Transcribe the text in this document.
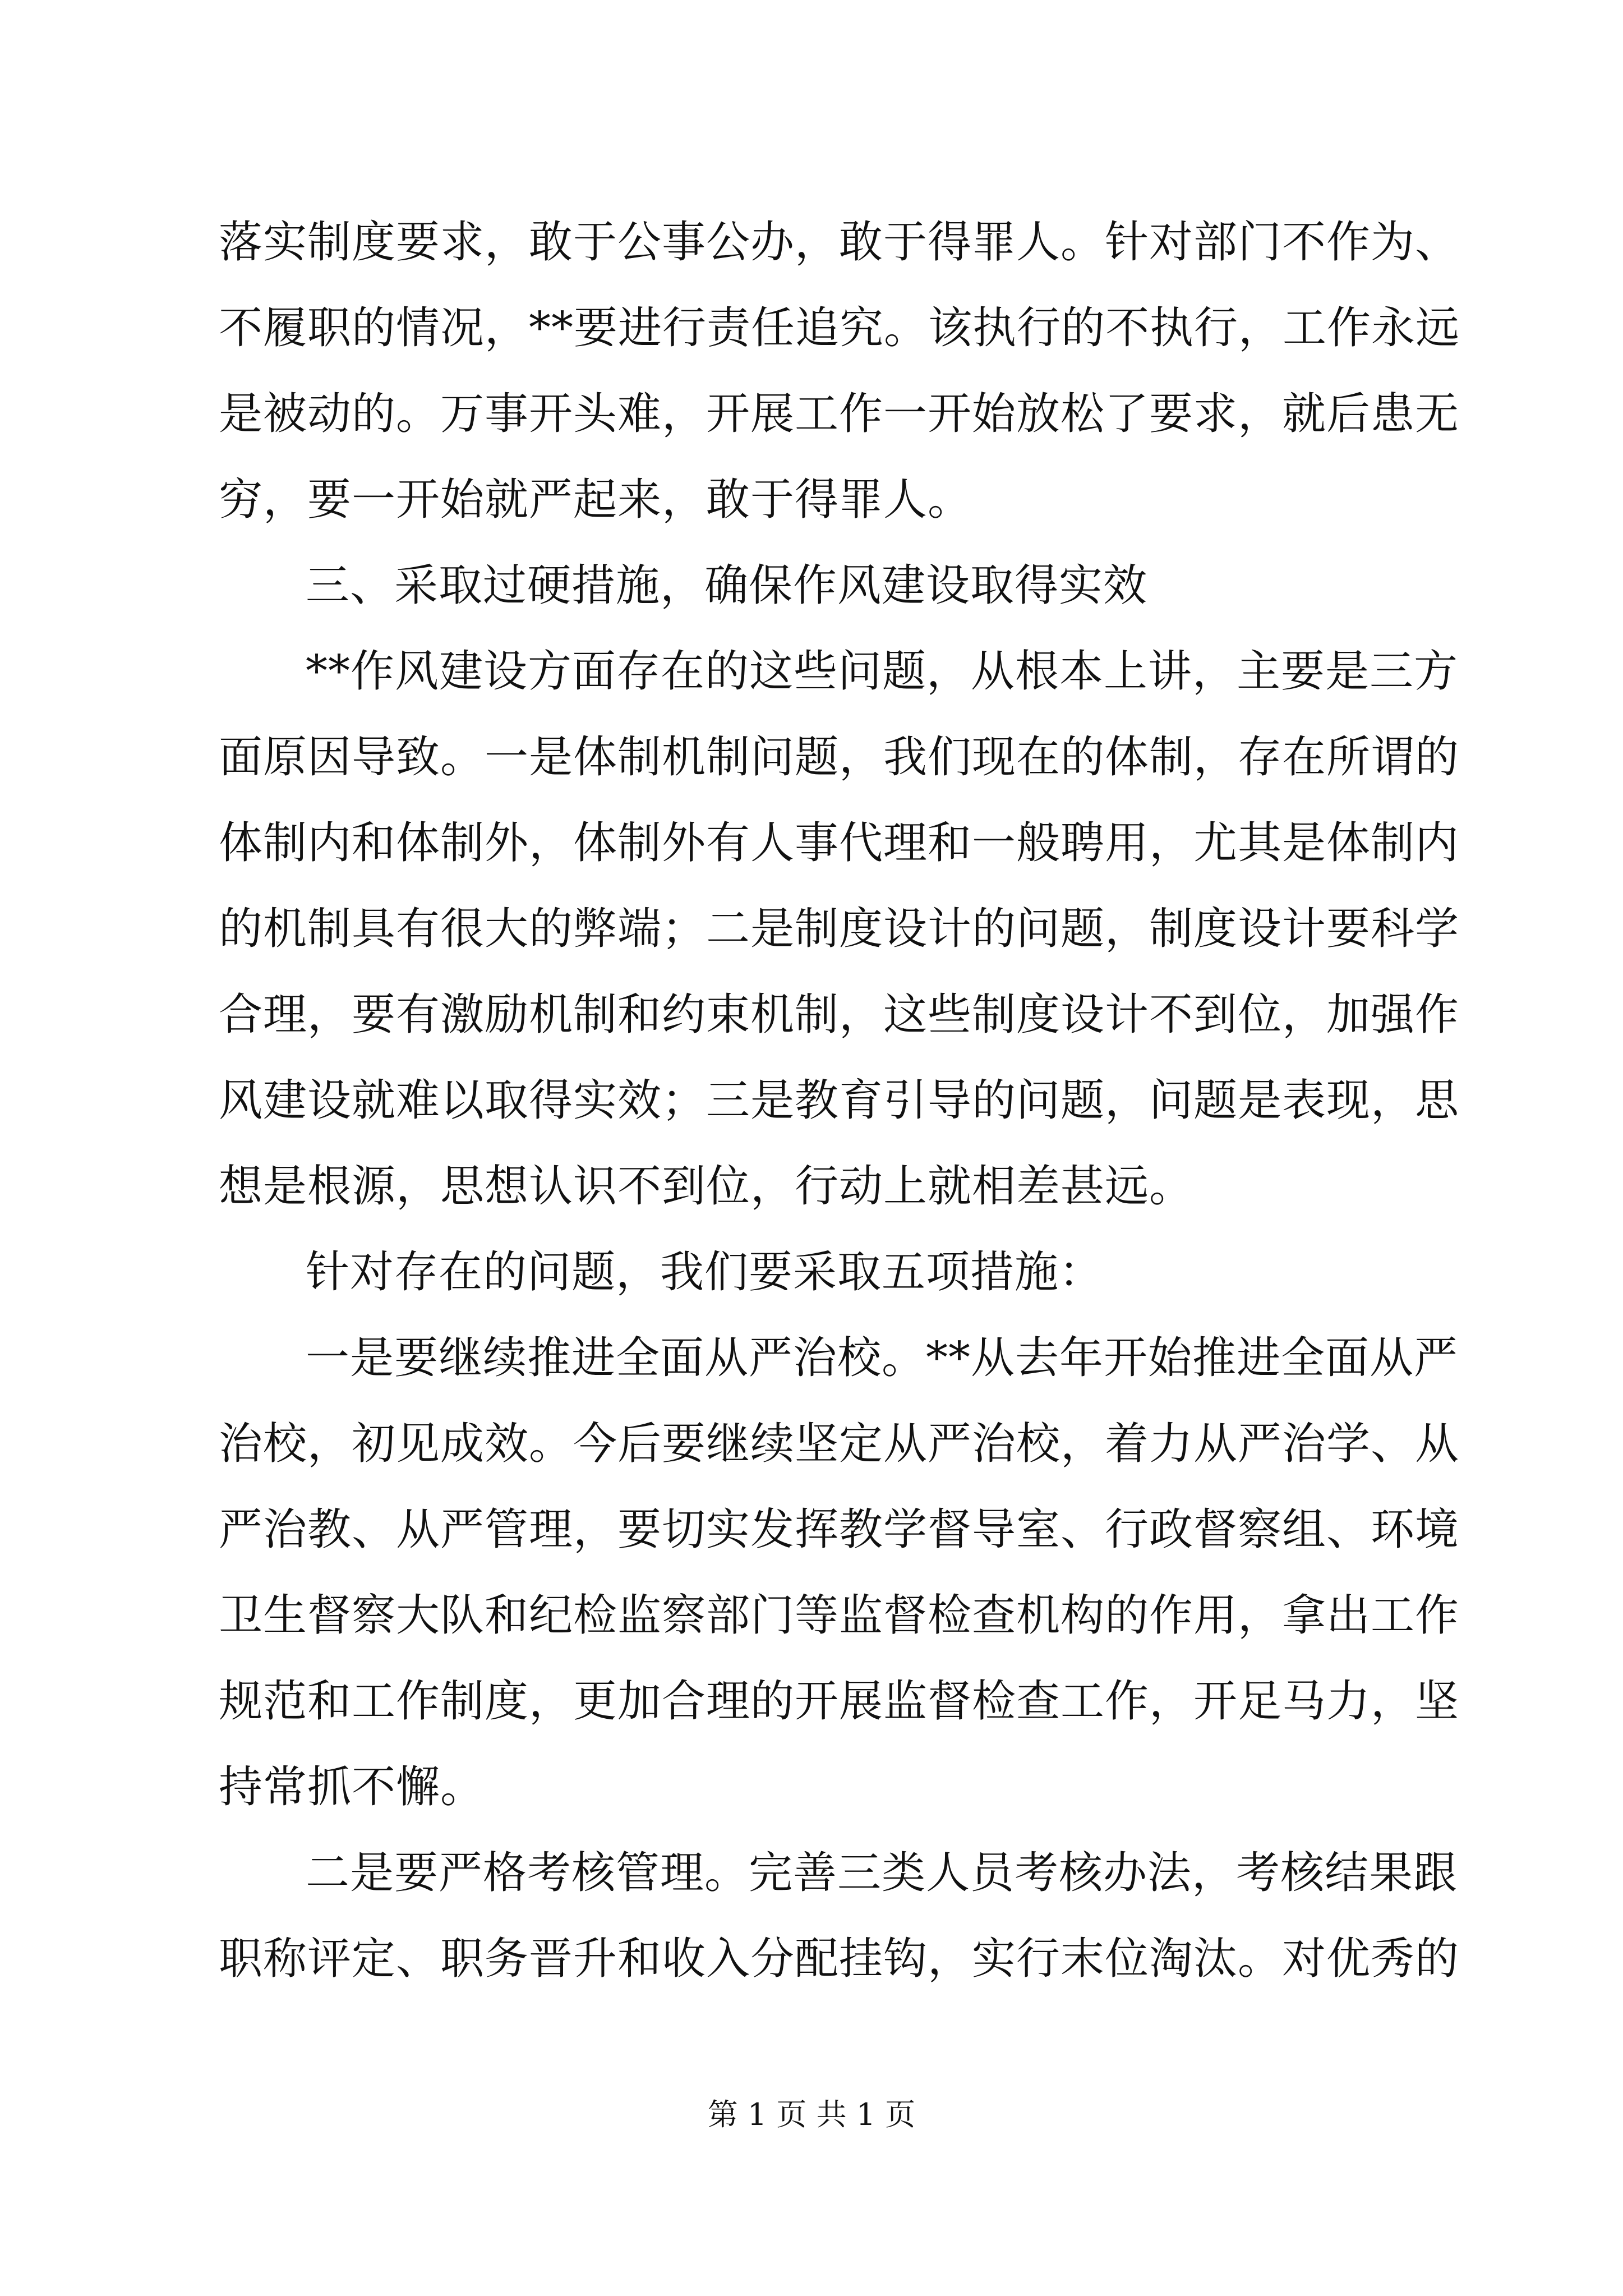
落实制度要求，敢于公事公办，敢于得罪人。针对部门不作为、
不履职的情况，**要进行责任追究。该执行的不执行，工作永远
是被动的。万事开头难，开展工作一开始放松了要求，就后患无
穷，要一开始就严起来，敢于得罪人。
三、采取过硬措施，确保作风建设取得实效
**作风建设方面存在的这些问题，从根本上讲，主要是三方
面原因导致。一是体制机制问题，我们现在的体制，存在所谓的
体制内和体制外，体制外有人事代理和一般聘用，尤其是体制内
的机制具有很大的弊端；二是制度设计的问题，制度设计要科学
合理，要有激励机制和约束机制，这些制度设计不到位，加强作
风建设就难以取得实效；三是教育引导的问题，问题是表现，思
想是根源，思想认识不到位，行动上就相差甚远。
针对存在的问题，我们要采取五项措施：
一是要继续推进全面从严治校。**从去年开始推进全面从严
治校，初见成效。今后要继续坚定从严治校，着力从严治学、从
严治教、从严管理，要切实发挥教学督导室、行政督察组、环境
卫生督察大队和纪检监察部门等监督检查机构的作用，拿出工作
规范和工作制度，更加合理的开展监督检查工作，开足马力，坚
持常抓不懈。
二是要严格考核管理。完善三类人员考核办法，考核结果跟
职称评定、职务晋升和收入分配挂钩，实行末位淘汰。对优秀的
第 1 页 共 1 页
